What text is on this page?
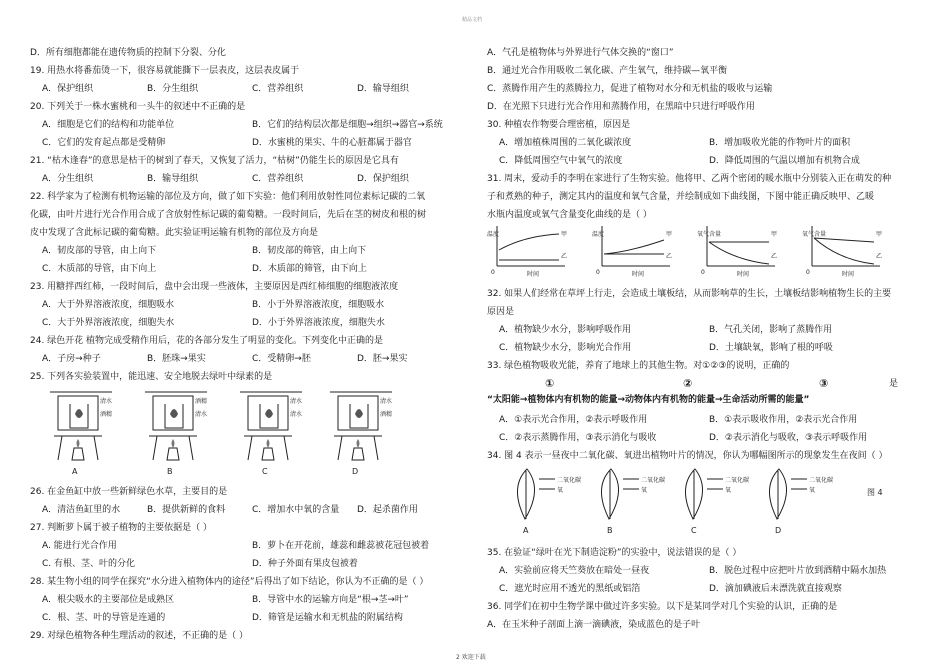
精品文档
D．所有细胞都能在遗传物质的控制下分裂、分化
19. 用热水将番茄烫一下，很容易就能撕下一层表皮，这层表皮属于
A．保护组织	B．分生组织	C．营养组织	D．输导组织
20. 下列关于一株水蜜桃和一头牛的叙述中不正确的是
A．细胞是它们的结构和功能单位	B．它们的结构层次都是细胞→组织→器官→系统
C．它们的发育起点都是受精卵	D．水蜜桃的果实、牛的心脏都属于器官
21. “枯木逢春”的意思是枯干的树到了春天，又恢复了活力，“枯树”仍能生长的原因是它具有
A．分生组织	B．输导组织	C．营养组织	D．保护组织
22. 科学家为了检测有机物运输的部位及方向，做了如下实验：他们利用放射性同位素标记碳的二氧
化碳，由叶片进行光合作用合成了含放射性标记碳的葡萄糖。一段时间后，先后在茎的树皮和根的树
皮中发现了含此标记碳的葡萄糖。此实验证明运输有机物的部位及方向是
A．韧皮部的导管，由上向下	B．韧皮部的筛管，由上向下
C．木质部的导管，由下向上	D．木质部的筛管，由下向上
23. 用糖拌西红柿，一段时间后，盘中会出现一些液体，主要原因是西红柿细胞的细胞液浓度
A．大于外界溶液浓度，细胞吸水	B．小于外界溶液浓度，细胞吸水
C．大于外界溶液浓度，细胞失水	D．小于外界溶液浓度，细胞失水
24. 绿色开花 植物完成受精作用后，花的各部分发生了明显的变化。下列变化中正确的是
A．子房→种子	B．胚珠→果实	C．受精卵→胚	D．胚→果实
25. 下列各实验装置中，能迅速、安全地脱去绿叶中绿素的是
清水
酒精
A
酒精
清水
B
清水
清水
C
清水
酒精
D
26. 在金鱼缸中放一些新鲜绿色水草，主要目的是
A．清洁鱼缸里的水	B．提供新鲜的食料	C．增加水中氧的含量 D．起杀菌作用
27. 判断萝卜属于被子植物的主要依据是（ ）
A. 能进行光合作用	B．萝卜在开花前，雄蕊和雌蕊被花冠包被着
C. 有根、茎、叶的分化	D．种子外面有果皮包被着
28. 某生物小组的同学在探究“水分进入植物体内的途径”后得出了如下结论，你认为不正确的是（ ）
A．根尖吸水的主要部位是成熟区	B．导管中水的运输方向是“根→茎→叶”
C．根、茎、叶的导管是连通的	D．筛管是运输水和无机盐的附属结构
29. 对绿色植物各种生理活动的叙述，不正确的是（ ）
A．气孔是植物体与外界进行气体交换的“窗口”
B．通过光合作用吸收二氧化碳、产生氧气，维持碳—氧平衡
C．蒸腾作用产生的蒸腾拉力，促进了植物对水分和无机盐的吸收与运输
D．在光照下只进行光合作用和蒸腾作用，在黑暗中只进行呼吸作用
30. 种植农作物要合理密植，原因是
A．增加植株周围的二氧化碳浓度	B．增加吸收光能的作物叶片的面积
C．降低周围空气中氧气的浓度	D．降低周围的气温以增加有机物合成
31. 周末，爱动手的李明在家进行了生物实验。他将甲、乙两个密闭的暖水瓶中分别装入正在萌发的种
子和煮熟的种子，测定其内的温度和氧气含量，并绘制成如下曲线图，下图中能正确反映甲、乙暖
水瓶内温度或氧气含量变化曲线的是（ ）
温度	甲
乙
0	时间
温度	甲
乙
0	时间
氧气含量	甲
乙
0	时间
氧气含量	甲
乙
0	时间
32. 如果人们经常在草坪上行走，会造成土壤板结，从而影响草的生长，土壤板结影响植物生长的主要
原因是
A．植物缺少水分，影响呼吸作用	B．气孔关闭，影响了蒸腾作用
C．植物缺少水分，影响光合作用	D．土壤缺氧，影响了根的呼吸
33. 绿色植物吸收光能，养育了地球上的其他生物。对①②③的说明，正确的
“太阳能→植物体内有机物的能量→动物体内有机物的能量→生命活动所需的能量”
①	②	③	是
A．①表示光合作用，②表示呼吸作用	B．①表示吸收作用，②表示光合作用
C．②表示蒸腾作用，③表示消化与吸收	D．②表示消化与吸收，③表示呼吸作用
34. 图 4 表示一昼夜中二氧化碳、氧进出植物叶片的情况，你认为哪幅图所示的现象发生在夜间（ ）
二氧化碳
氧
A
二氧化碳
氧
B
二氧化碳
氧
C
二氧化碳
氧
D
图 4
35. 在验证“绿叶在光下制造淀粉”的实验中，说法错误的是（ ）
A．实验前应将天竺葵放在暗处一昼夜	B．脱色过程中应把叶片放到酒精中隔水加热
C．遮光时应用不透光的黑纸或铝箔	D．滴加碘液后未漂洗就直接观察
36. 同学们在初中生物学课中做过许多实验。以下是某同学对几个实验的认识，正确的是
A．在玉米种子剖面上滴一滴碘液，染成蓝色的是子叶
2 欢迎下载
